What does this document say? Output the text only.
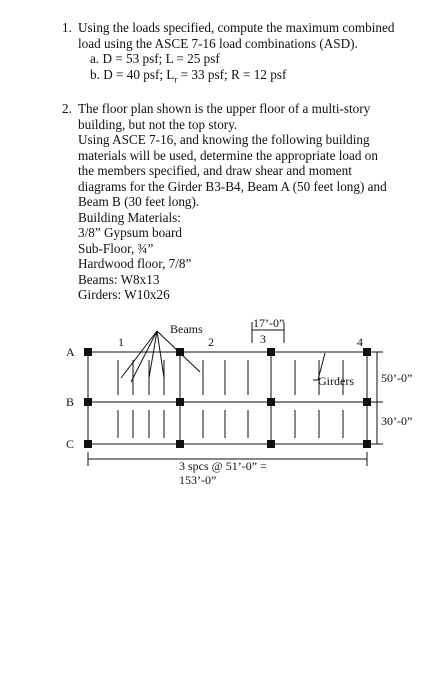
1. Using the loads specified, compute the maximum combined
load using the ASCE 7-16 load combinations (ASD).
a. D = 53 psf; L = 25 psf
b. D = 40 psf; $L_r = 33$ psf; R = 12 psf
2. The floor plan shown is the upper floor of a multi-story
building, but not the top story.
Using ASCE 7-16, and knowing the following building
materials will be used, determine the appropriate load on
the members specified, and draw shear and moment
diagrams for the Girder B3-B4, Beam A (50 feet long) and
Beam B (30 feet long).
Building Materials:
3/8” Gypsum board
Sub-Floor, ¾”
Hardwood floor, 7/8”
Beams: W8x13
Girders: W10x26
Beams
Girders
17’-0”
A
B
C
1	2	3	4
50’-0”
30’-0”
3 spcs @ 51’-0” =
153’-0”
